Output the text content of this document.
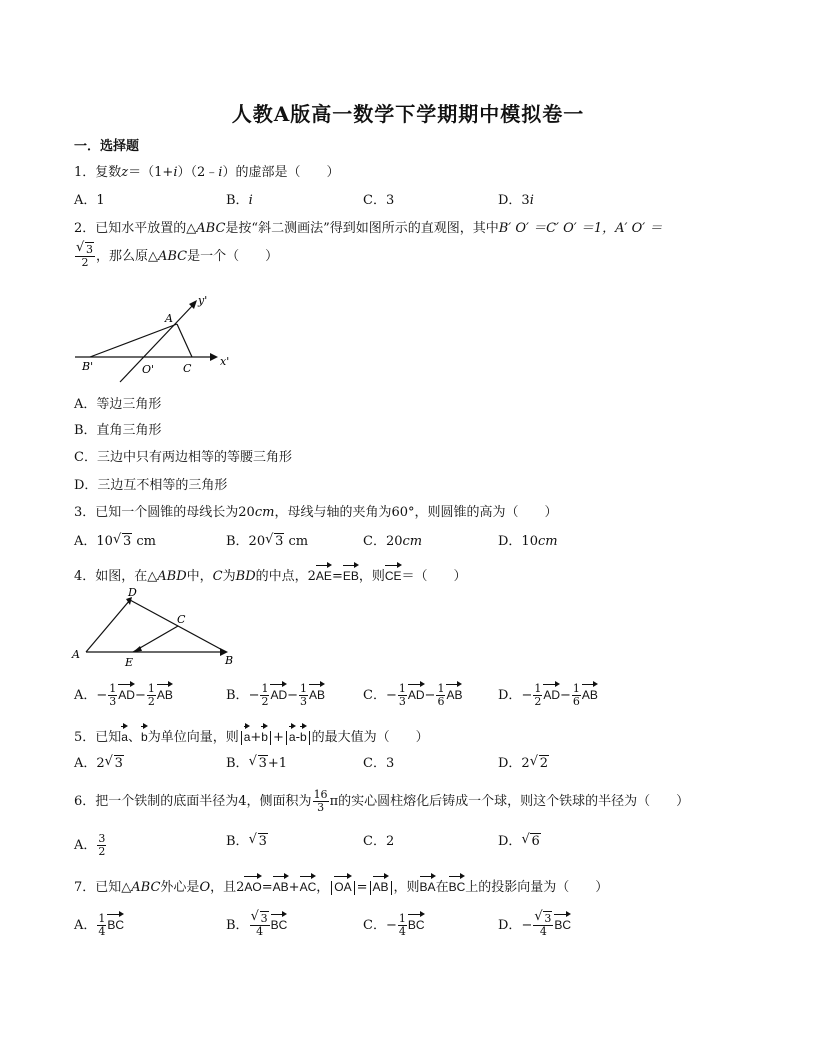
人教A版高一数学下学期期中模拟卷一
一．选择题
1．复数z＝（1+i）（2﹣i）的虚部是（　　）
A．1	B．i	C．3	D．3i
2．已知水平放置的△ABC是按“斜二测画法”得到如图所示的直观图，其中B′ O′ ＝C′ O′ ＝1，A′ O′ ＝
√ $\frac{3}{2}$ ，那么原△ABC是一个（　　）
y'
A
B'	O'	C
x'
A．等边三角形
B．直角三角形
C．三边中只有两边相等的等腰三角形
D．三边互不相等的三角形
3．已知一个圆锥的母线长为20cm，母线与轴的夹角为60°，则圆锥的高为（　　）
A．10 √ 3 cm	B．20 √ 3 cm	C．20cm	D．10cm
4．如图，在△ABD中，C为BD的中点，2AE=EB，则CE＝（　　）
D
C
A
E	B
A．− $\frac{1}{3} AD- \frac{1}{2}$ AB	B．− $\frac{1}{2} AD- \frac{1}{3}$ AB	C．− $\frac{1}{3} AD- \frac{1}{6}$ AB	D．− $\frac{1}{2} AD- \frac{1}{6}$ AB
5．已知a、b为单位向量，则 a+b + a-b 的最大值为（　　）
A．2 √ 3	B． √ 3+1	C．3	D．2 √ 2
6．把一个铁制的底面半径为4，侧面积为 $\frac{16}{3}$ π的实心圆柱熔化后铸成一个球，则这个铁球的半径为（　　）
A． $\frac{3}{2}$	B． √ 3	C．2	D． √ 6
7．已知△ABC外心是O，且2AO=AB+AC， OA = AB ，则BA在BC上的投影向量为（　　）
A． $\frac{1}{4}$ BC	B． √ $\frac{3}{4}$ BC	C．− $\frac{1}{4}$ BC	D．− √ $\frac{3}{4}$ BC
